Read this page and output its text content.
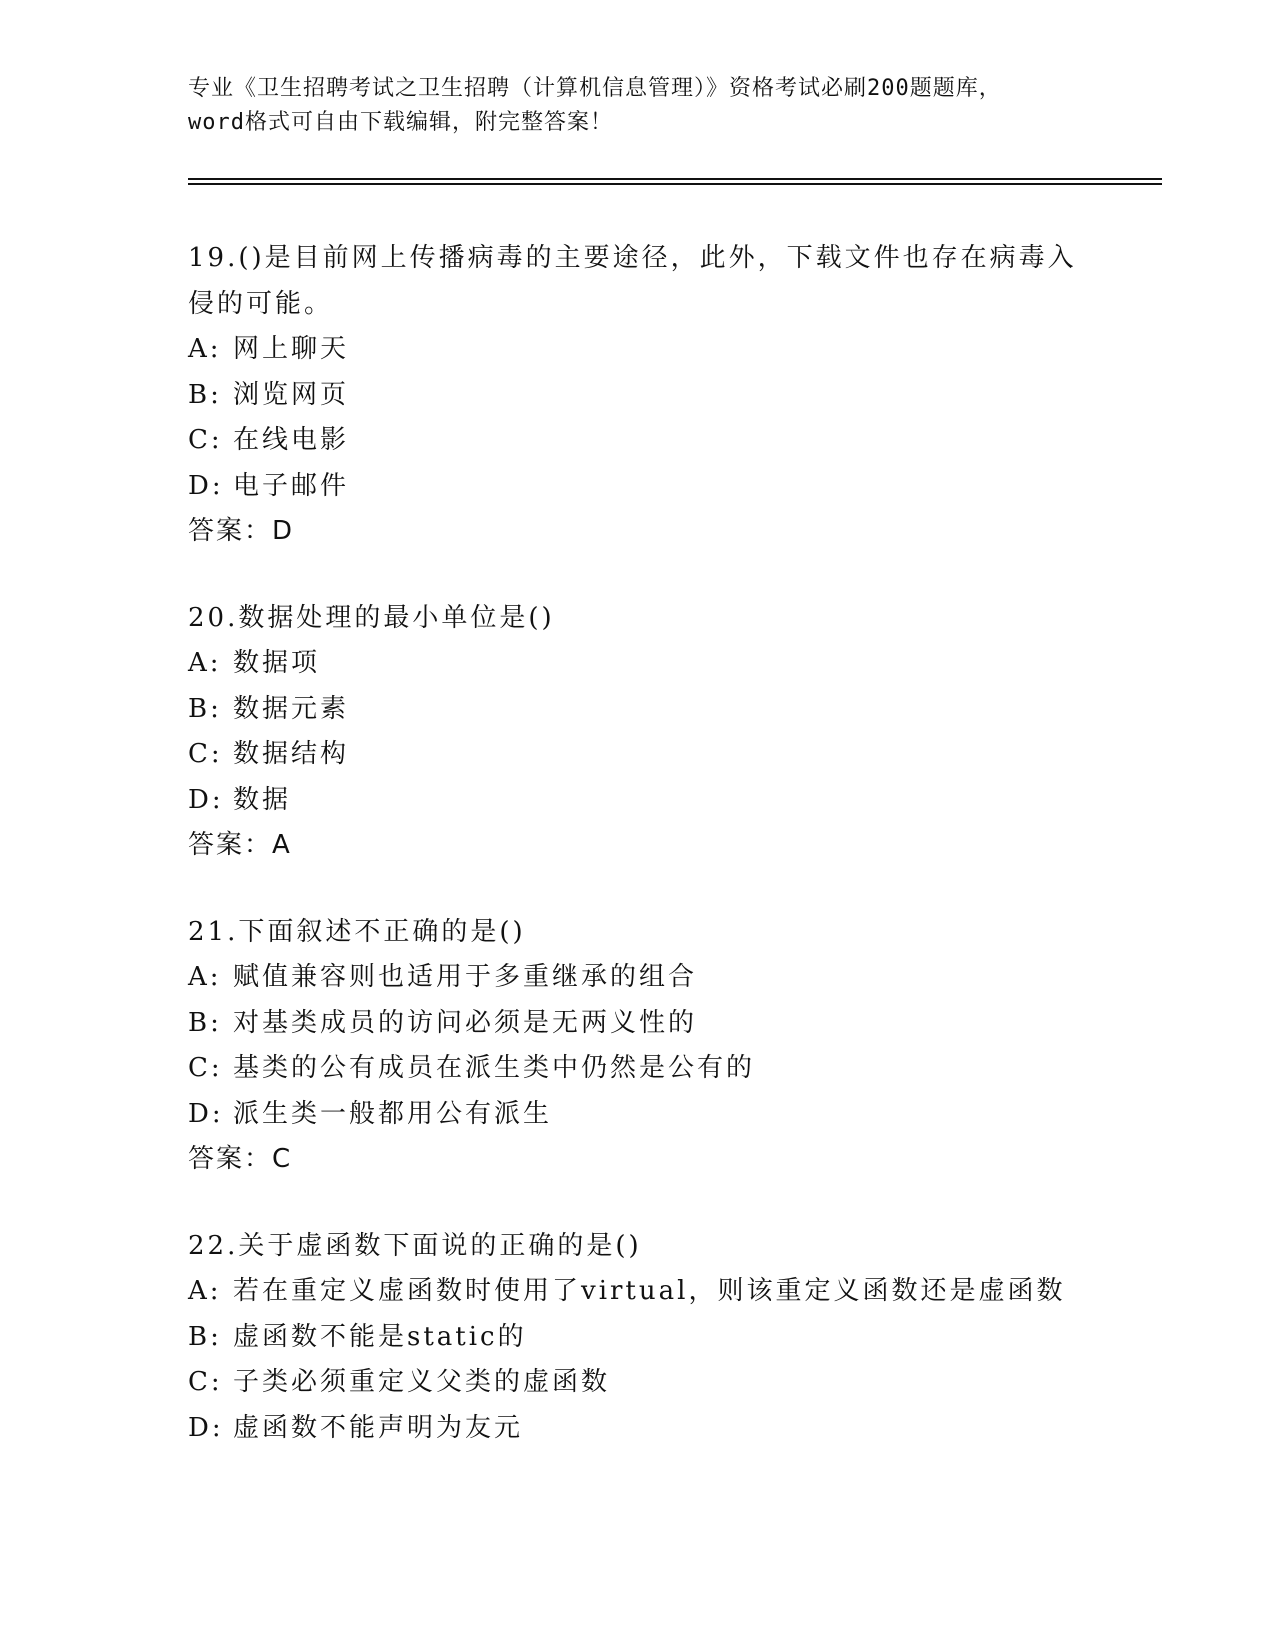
专业《卫生招聘考试之卫生招聘（计算机信息管理）》资格考试必刷200题题库，
word格式可自由下载编辑，附完整答案！

19.()是目前网上传播病毒的主要途径，此外，下载文件也存在病毒入侵的可能。

A: 网上聊天
B: 浏览网页
C: 在线电影
D: 电子邮件
答案：D

20.数据处理的最小单位是()

A: 数据项
B: 数据元素
C: 数据结构
D: 数据
答案：A

21.下面叙述不正确的是()

A: 赋值兼容则也适用于多重继承的组合
B: 对基类成员的访问必须是无两义性的
C: 基类的公有成员在派生类中仍然是公有的
D: 派生类一般都用公有派生
答案：C

22.关于虚函数下面说的正确的是()

A: 若在重定义虚函数时使用了virtual，则该重定义函数还是虚函数
B: 虚函数不能是static的
C: 子类必须重定义父类的虚函数
D: 虚函数不能声明为友元
